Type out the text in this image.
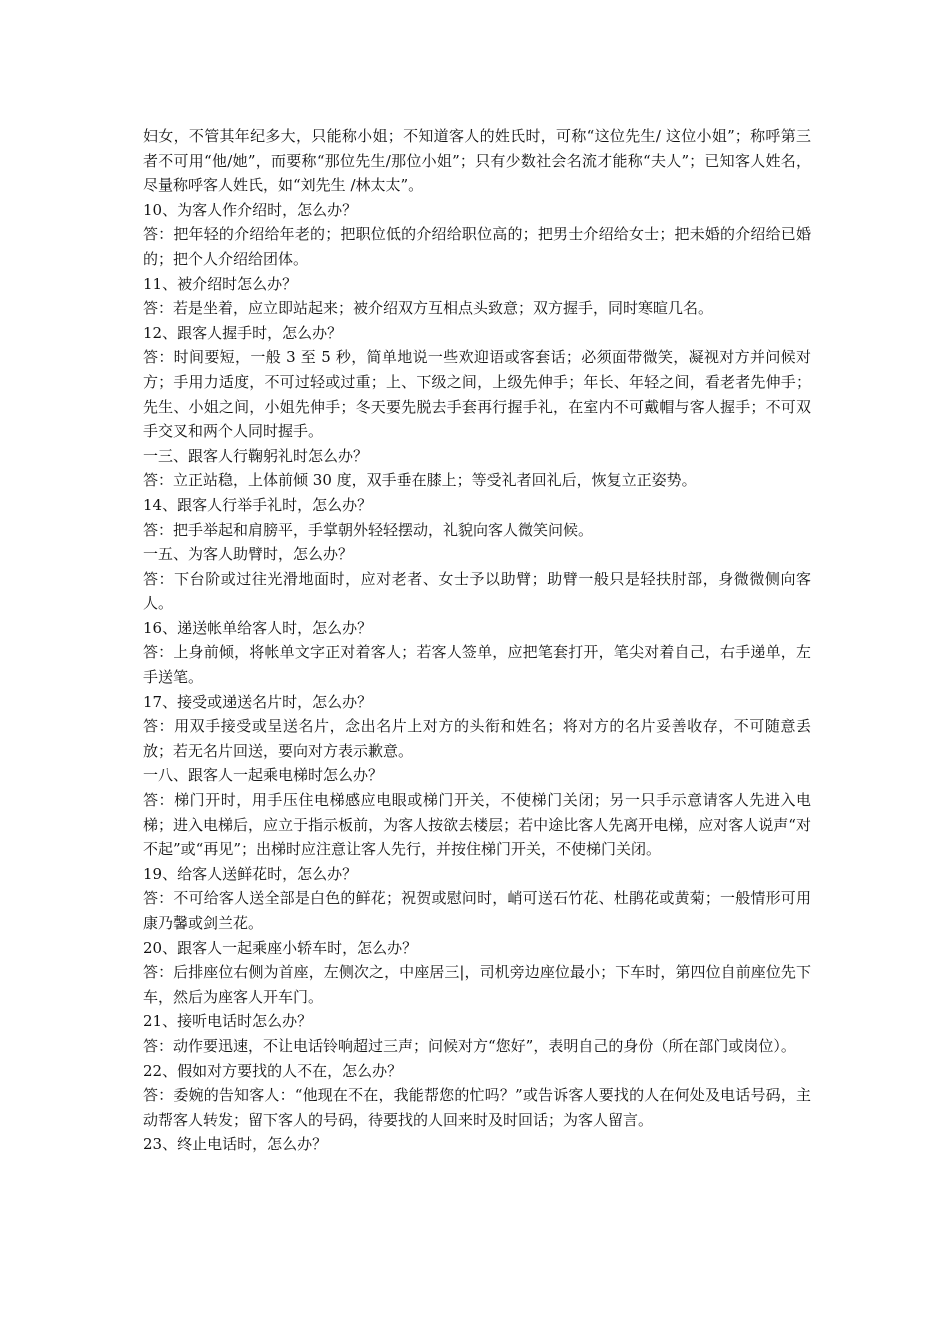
妇女，不管其年纪多大，只能称小姐；不知道客人的姓氏时，可称“这位先生/ 这位小姐”；称呼第三者不可用“他/她”，而要称“那位先生/那位小姐”；只有少数社会名流才能称“夫人”；已知客人姓名，尽量称呼客人姓氏，如“刘先生 /林太太”。

10、为客人作介绍时，怎么办？

答：把年轻的介绍给年老的；把职位低的介绍给职位高的；把男士介绍给女士；把未婚的介绍给已婚的；把个人介绍给团体。

11、被介绍时怎么办？

答：若是坐着，应立即站起来；被介绍双方互相点头致意；双方握手，同时寒暄几名。

12、跟客人握手时，怎么办？

答：时间要短，一般 3 至 5 秒，简单地说一些欢迎语或客套话；必须面带微笑，凝视对方并问候对方；手用力适度，不可过轻或过重；上、下级之间，上级先伸手；年长、年轻之间，看老者先伸手；先生、小姐之间，小姐先伸手；冬天要先脱去手套再行握手礼，在室内不可戴帽与客人握手；不可双手交叉和两个人同时握手。

一三、跟客人行鞠躬礼时怎么办？

答：立正站稳，上体前倾 30 度，双手垂在膝上；等受礼者回礼后，恢复立正姿势。

14、跟客人行举手礼时，怎么办？

答：把手举起和肩膀平，手掌朝外轻轻摆动，礼貌向客人微笑问候。

一五、为客人助臂时，怎么办？

答：下台阶或过往光滑地面时，应对老者、女士予以助臂；助臂一般只是轻扶肘部，身微微侧向客人。

16、递送帐单给客人时，怎么办？

答：上身前倾，将帐单文字正对着客人；若客人签单，应把笔套打开，笔尖对着自己，右手递单，左手送笔。

17、接受或递送名片时，怎么办？

答：用双手接受或呈送名片，念出名片上对方的头衔和姓名；将对方的名片妥善收存，不可随意丢放；若无名片回送，要向对方表示歉意。

一八、跟客人一起乘电梯时怎么办？

答：梯门开时，用手压住电梯感应电眼或梯门开关，不使梯门关闭；另一只手示意请客人先进入电梯；进入电梯后，应立于指示板前，为客人按欲去楼层；若中途比客人先离开电梯，应对客人说声“对不起”或“再见”；出梯时应注意让客人先行，并按住梯门开关，不使梯门关闭。

19、给客人送鲜花时，怎么办？

答：不可给客人送全部是白色的鲜花；祝贺或慰问时，峭可送石竹花、杜鹃花或黄菊；一般情形可用康乃馨或剑兰花。

20、跟客人一起乘座小轿车时，怎么办？

答：后排座位右侧为首座，左侧次之，中座居三|，司机旁边座位最小；下车时，第四位自前座位先下车，然后为座客人开车门。

21、接听电话时怎么办？

答：动作要迅速，不让电话铃响超过三声；问候对方“您好”，表明自己的身份（所在部门或岗位）。

22、假如对方要找的人不在，怎么办？

答：委婉的告知客人：“他现在不在，我能帮您的忙吗？”或告诉客人要找的人在何处及电话号码，主动帮客人转发；留下客人的号码，待要找的人回来时及时回话；为客人留言。

23、终止电话时，怎么办？
